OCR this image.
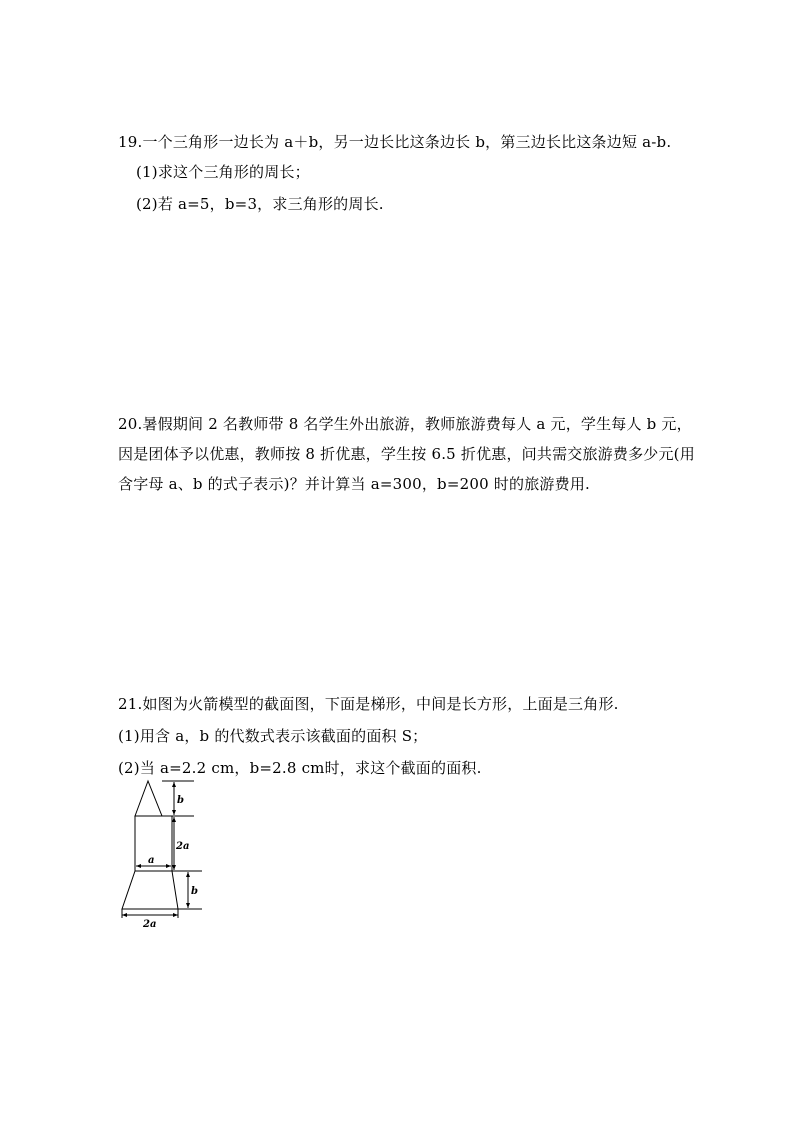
19.一个三角形一边长为 a＋b，另一边长比这条边长 b，第三边长比这条边短 a-b.
(1)求这个三角形的周长；
(2)若 a=5，b=3，求三角形的周长.
20.暑假期间 2 名教师带 8 名学生外出旅游，教师旅游费每人 a 元，学生每人 b 元，
因是团体予以优惠，教师按 8 折优惠，学生按 6.5 折优惠，问共需交旅游费多少元(用
含字母 a、b 的式子表示)？并计算当 a=300，b=200 时的旅游费用.
21.如图为火箭模型的截面图，下面是梯形，中间是长方形，上面是三角形.
(1)用含 a，b 的代数式表示该截面的面积 S；
(2)当 a=2.2 cm，b=2.8 cm时，求这个截面的面积.
b
2a
a
b
2a
